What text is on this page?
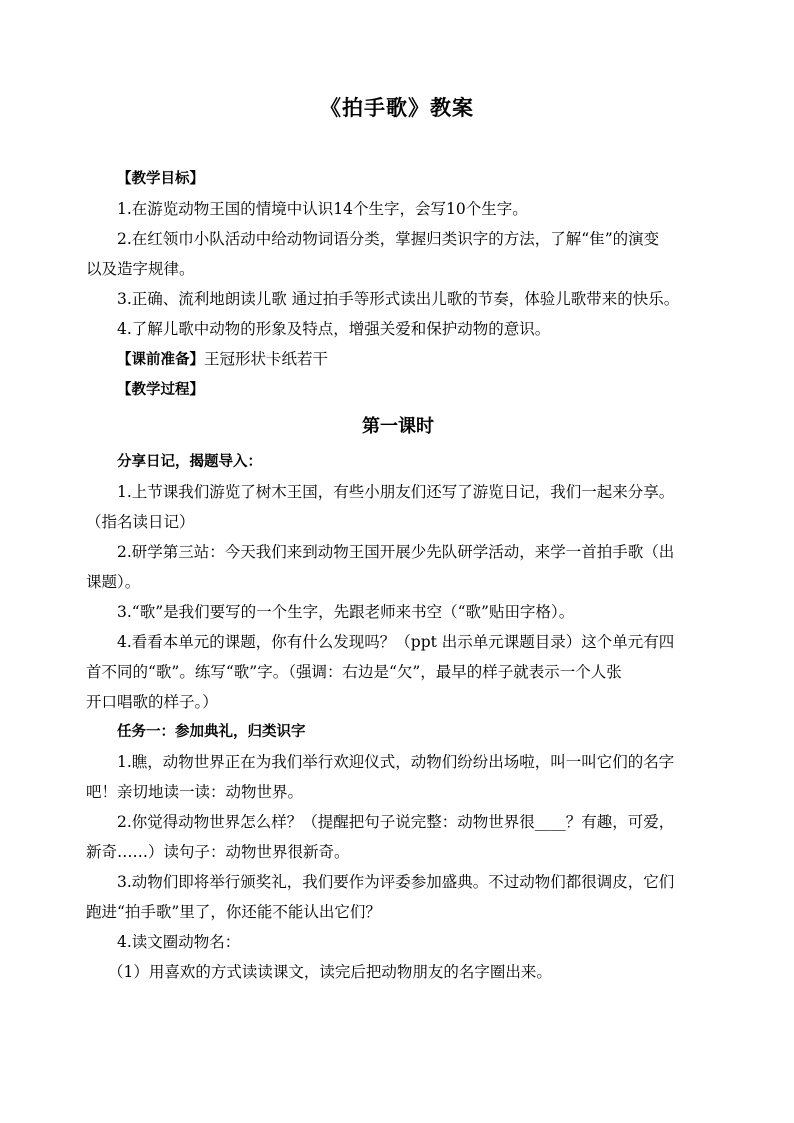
《拍手歌》教案
【教学目标】
1.在游览动物王国的情境中认识14个生字，会写10个生字。
2.在红领巾小队活动中给动物词语分类，掌握归类识字的方法，了解“隹”的演变
以及造字规律。
3.正确、流利地朗读儿歌 通过拍手等形式读出儿歌的节奏，体验儿歌带来的快乐。
4.了解儿歌中动物的形象及特点，增强关爱和保护动物的意识。
【课前准备】王冠形状卡纸若干
【教学过程】
第一课时
分享日记，揭题导入：
1.上节课我们游览了树木王国，有些小朋友们还写了游览日记，我们一起来分享。
（指名读日记）
2.研学第三站：今天我们来到动物王国开展少先队研学活动，来学一首拍手歌（出
课题）。
3.“歌”是我们要写的一个生字，先跟老师来书空（“歌”贴田字格）。
4.看看本单元的课题，你有什么发现吗？（ppt 出示单元课题目录）这个单元有四
首不同的“歌”。练写“歌”字。（强调：右边是“欠”，最早的样子就表示一个人张
开口唱歌的样子。）
任务一：参加典礼，归类识字
1.瞧，动物世界正在为我们举行欢迎仪式，动物们纷纷出场啦，叫一叫它们的名字
吧！亲切地读一读：动物世界。
2.你觉得动物世界怎么样？（提醒把句子说完整：动物世界很____？有趣，可爱，
新奇……）读句子：动物世界很新奇。
3.动物们即将举行颁奖礼，我们要作为评委参加盛典。不过动物们都很调皮，它们
跑进“拍手歌”里了，你还能不能认出它们？
4.读文圈动物名：
（1）用喜欢的方式读读课文，读完后把动物朋友的名字圈出来。
